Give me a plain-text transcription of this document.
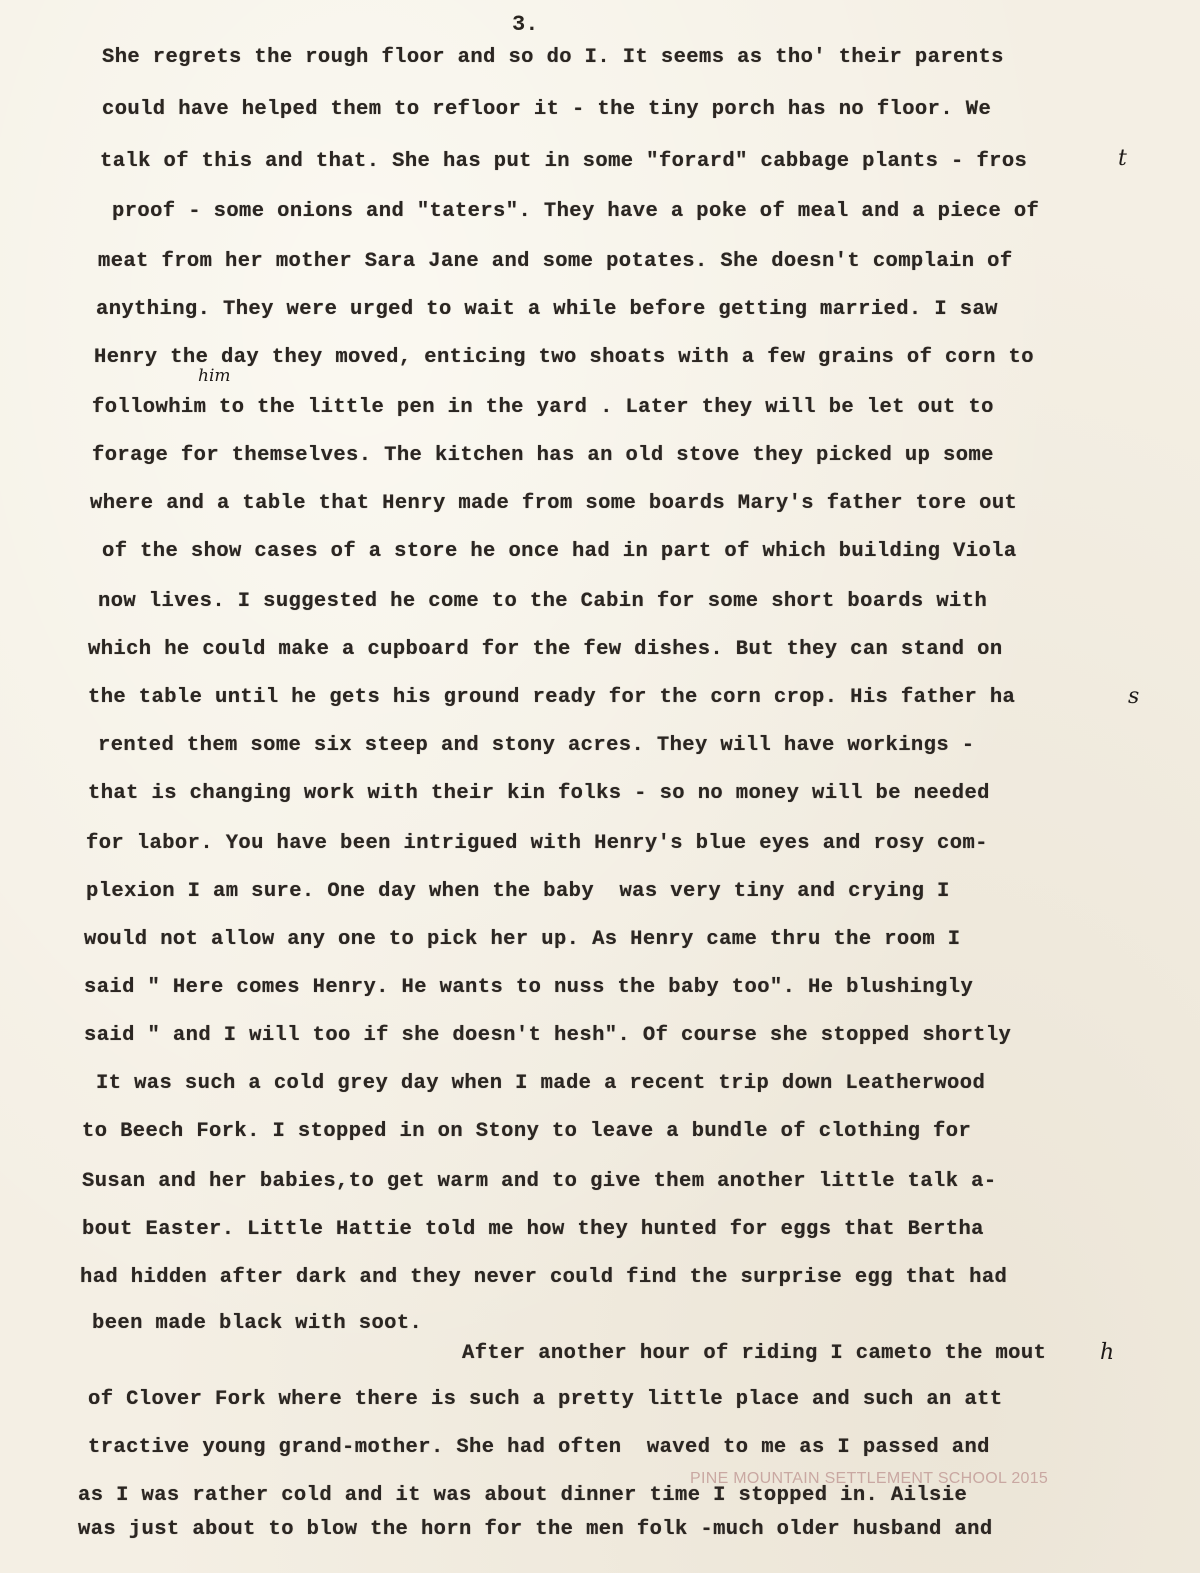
3.
She regrets the rough floor and so do I. It seems as tho' their parents
could have helped them to refloor it - the tiny porch has no floor. We
talk of this and that. She has put in some "forard" cabbage plants - fros
proof - some onions and "taters". They have a poke of meal and a piece of
meat from her mother Sara Jane and some potates. She doesn't complain of
anything. They were urged to wait a while before getting married. I saw
Henry the day they moved, enticing two shoats with a few grains of corn to
followhim to the little pen in the yard . Later they will be let out to
forage for themselves. The kitchen has an old stove they picked up some
where and a table that Henry made from some boards Mary's father tore out
of the show cases of a store he once had in part of which building Viola
now lives. I suggested he come to the Cabin for some short boards with
which he could make a cupboard for the few dishes. But they can stand on
the table until he gets his ground ready for the corn crop. His father ha
rented them some six steep and stony acres. They will have workings -
that is changing work with their kin folks - so no money will be needed
for labor. You have been intrigued with Henry's blue eyes and rosy com-
plexion I am sure. One day when the baby  was very tiny and crying I
would not allow any one to pick her up. As Henry came thru the room I
said " Here comes Henry. He wants to nuss the baby too". He blushingly
said " and I will too if she doesn't hesh". Of course she stopped shortly
It was such a cold grey day when I made a recent trip down Leatherwood
to Beech Fork. I stopped in on Stony to leave a bundle of clothing for
Susan and her babies,to get warm and to give them another little talk a-
bout Easter. Little Hattie told me how they hunted for eggs that Bertha
had hidden after dark and they never could find the surprise egg that had
been made black with soot.
After another hour of riding I cameto the mout
of Clover Fork where there is such a pretty little place and such an att
tractive young grand-mother. She had often  waved to me as I passed and
as I was rather cold and it was about dinner time I stopped in. Ailsie
was just about to blow the horn for the men folk -much older husband and
t
him
s
h
PINE MOUNTAIN SETTLEMENT SCHOOL 2015
